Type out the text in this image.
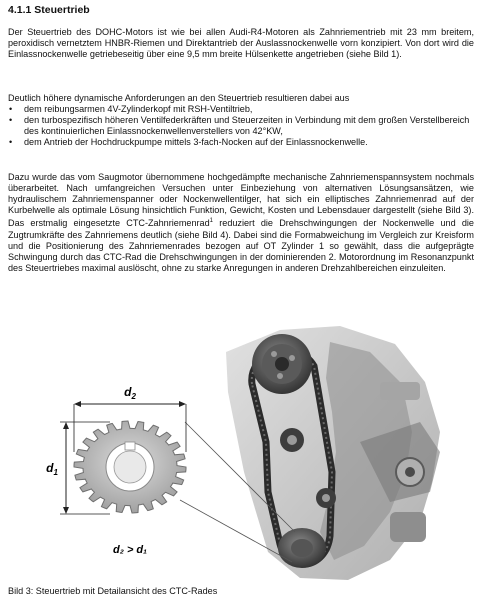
4.1.1 Steuertrieb

Der Steuertrieb des DOHC-Motors ist wie bei allen Audi-R4-Motoren als Zahnriementrieb mit 23 mm breitem, peroxidisch vernetztem HNBR-Riemen und Direktantrieb der Auslassnockenwelle vorn konzipiert. Von dort wird die Einlassnockenwelle getriebeseitig über eine 9,5 mm breite Hülsenkette angetrieben (siehe Bild 1).

Deutlich höhere dynamische Anforderungen an den Steuertrieb resultieren dabei aus
• dem reibungsarmen 4V-Zylinderkopf mit RSH-Ventiltrieb,
• den turbospezifisch höheren Ventilfederkräften und Steuerzeiten in Verbindung mit dem großen Verstellbereich des kontinuierlichen Einlassnockenwellenverstellers von 42°KW,
• dem Antrieb der Hochdruckpumpe mittels 3-fach-Nocken auf der Einlassnockenwelle.

Dazu wurde das vom Saugmotor übernommene hochgedämpfte mechanische Zahnriemenspannsystem nochmals überarbeitet. Nach umfangreichen Versuchen unter Einbeziehung von alternativen Lösungsansätzen, wie hydraulischem Zahnriemenspanner oder Nockenwellentilger, hat sich ein elliptisches Zahnriemenrad auf der Kurbelwelle als optimale Lösung hinsichtlich Funktion, Gewicht, Kosten und Lebensdauer dargestellt (siehe Bild 3). Das erstmalig eingesetzte CTC-Zahnriemenrad$^1$ reduziert die Drehschwingungen der Nockenwelle und die Zugtrumkräfte des Zahnriemens deutlich (siehe Bild 4). Dabei sind die Formabweichung im Vergleich zur Kreisform und die Positionierung des Zahnriemenrades bezogen auf OT Zylinder 1 so gewählt, dass die aufgeprägte Schwingung durch das CTC-Rad die Drehschwingungen in der dominierenden 2. Motorordnung im Resonanzpunkt des Steuertriebes maximal auslöscht, ohne zu starke Anregungen in anderen Drehzahlbereichen einzuleiten.

$d_2$
$d_1$
d₂ > d₁

Bild 3: Steuertrieb mit Detailansicht des CTC-Rades
